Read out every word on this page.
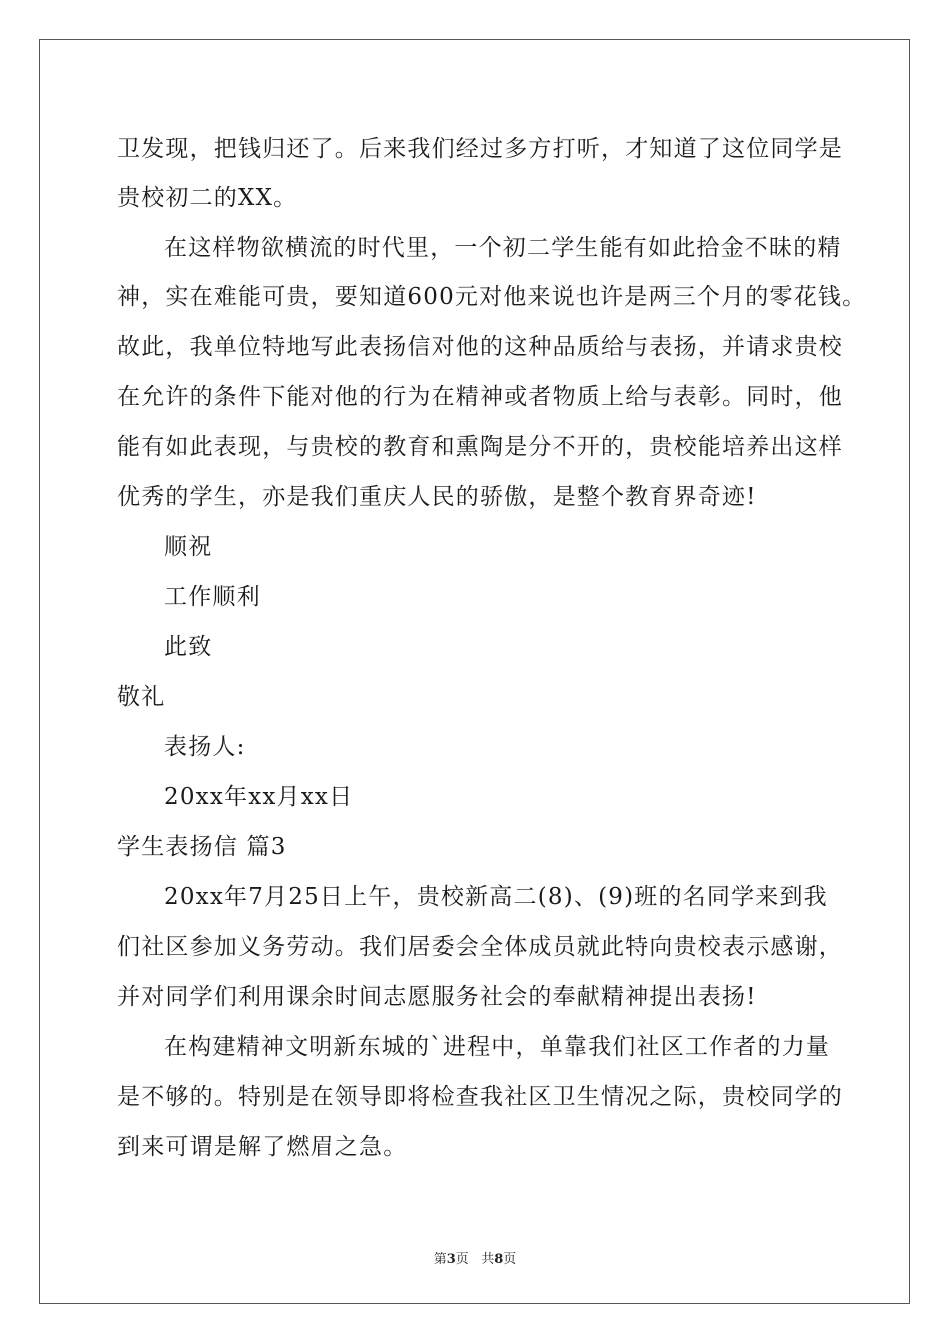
卫发现，把钱归还了。后来我们经过多方打听，才知道了这位同学是
贵校初二的XX。
在这样物欲横流的时代里，一个初二学生能有如此拾金不昧的精
神，实在难能可贵，要知道600元对他来说也许是两三个月的零花钱。
故此，我单位特地写此表扬信对他的这种品质给与表扬，并请求贵校
在允许的条件下能对他的行为在精神或者物质上给与表彰。同时，他
能有如此表现，与贵校的教育和熏陶是分不开的，贵校能培养出这样
优秀的学生，亦是我们重庆人民的骄傲，是整个教育界奇迹!
顺祝
工作顺利
此致
敬礼
表扬人:
20xx年xx月xx日
学生表扬信 篇3
20xx年7月25日上午，贵校新高二(8)、(9)班的名同学来到我
们社区参加义务劳动。我们居委会全体成员就此特向贵校表示感谢，
并对同学们利用课余时间志愿服务社会的奉献精神提出表扬!
在构建精神文明新东城的`进程中，单靠我们社区工作者的力量
是不够的。特别是在领导即将检查我社区卫生情况之际，贵校同学的
到来可谓是解了燃眉之急。
第3页   共8页
